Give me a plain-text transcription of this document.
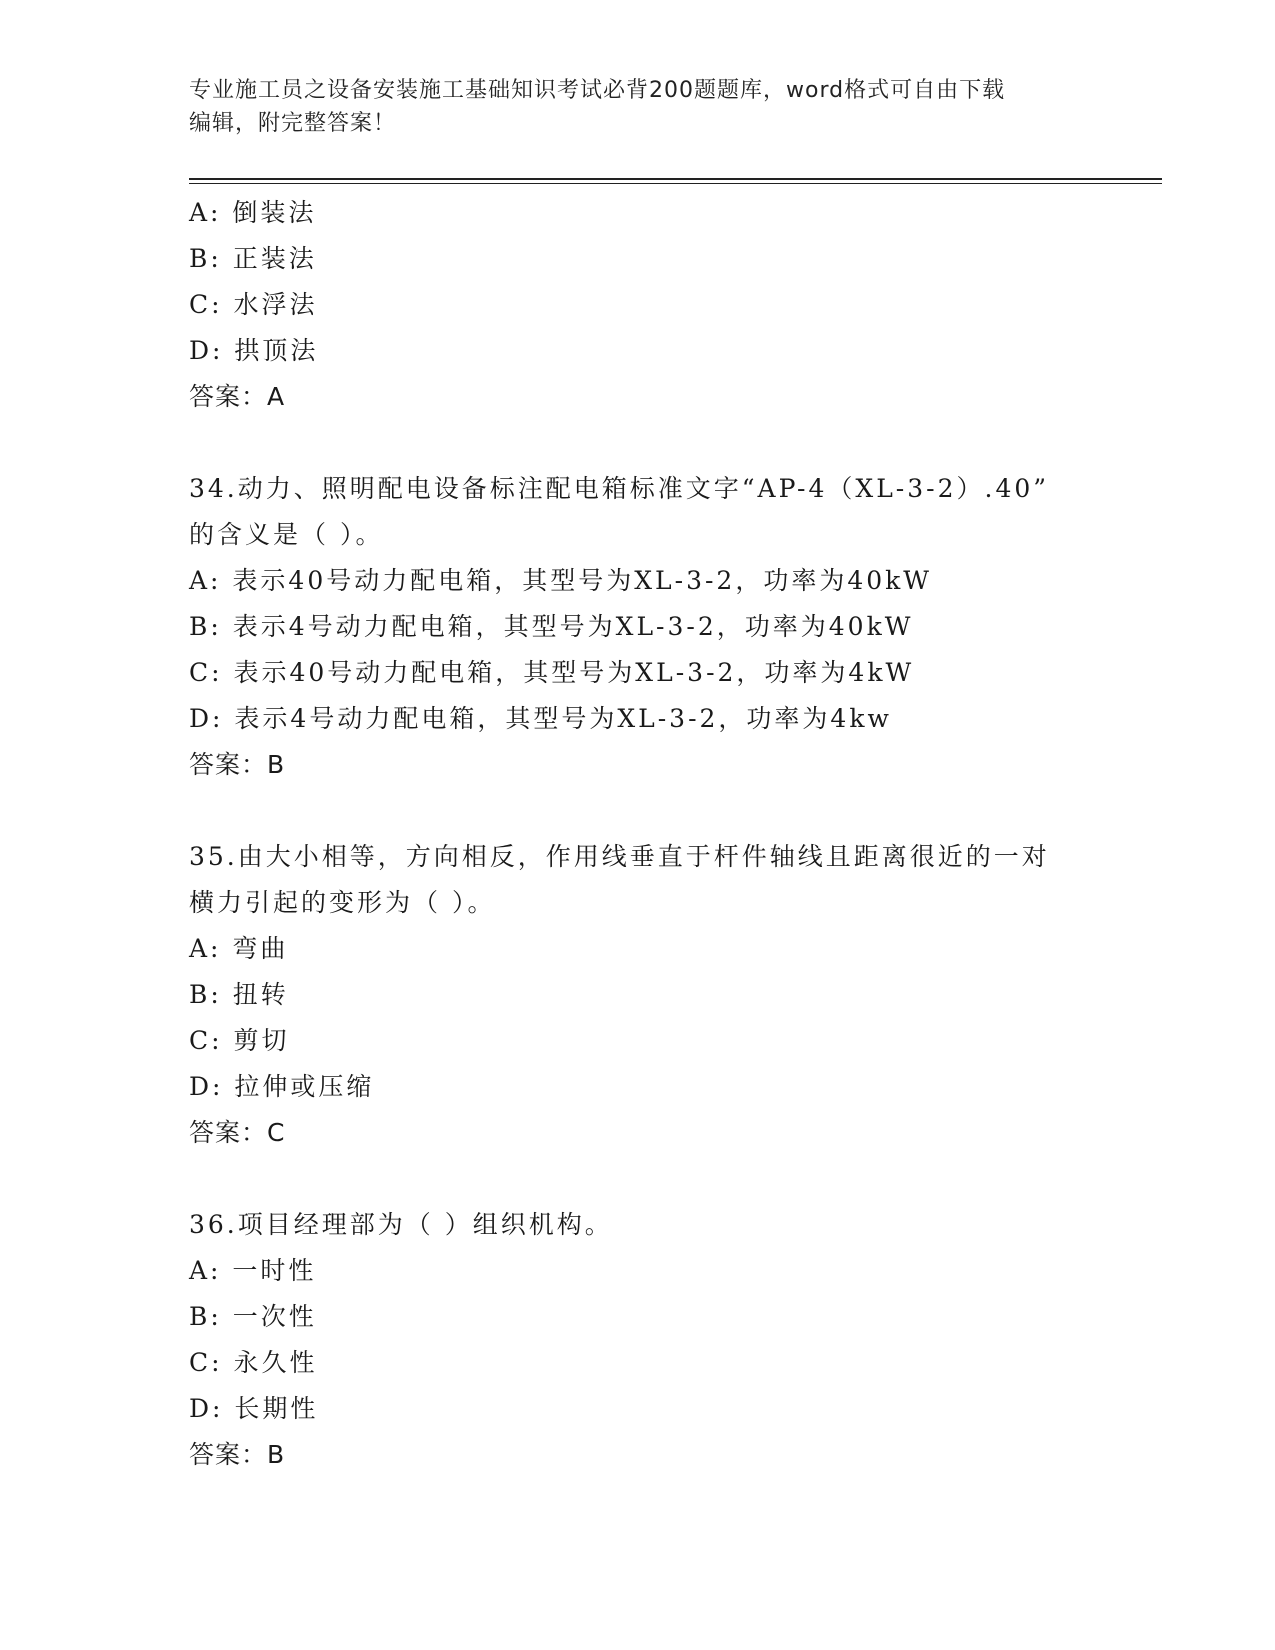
专业施工员之设备安装施工基础知识考试必背200题题库，word格式可自由下载
编辑，附完整答案！
A: 倒装法
B: 正装法
C: 水浮法
D: 拱顶法
答案：A
34.动力、照明配电设备标注配电箱标准文字“AP-4（XL-3-2）.40”
的含义是（ ）。
A: 表示40号动力配电箱，其型号为XL-3-2，功率为40kW
B: 表示4号动力配电箱，其型号为XL-3-2，功率为40kW
C: 表示40号动力配电箱，其型号为XL-3-2，功率为4kW
D: 表示4号动力配电箱，其型号为XL-3-2，功率为4kw
答案：B
35.由大小相等，方向相反，作用线垂直于杆件轴线且距离很近的一对
横力引起的变形为（ ）。
A: 弯曲
B: 扭转
C: 剪切
D: 拉伸或压缩
答案：C
36.项目经理部为（ ）组织机构。
A: 一时性
B: 一次性
C: 永久性
D: 长期性
答案：B
